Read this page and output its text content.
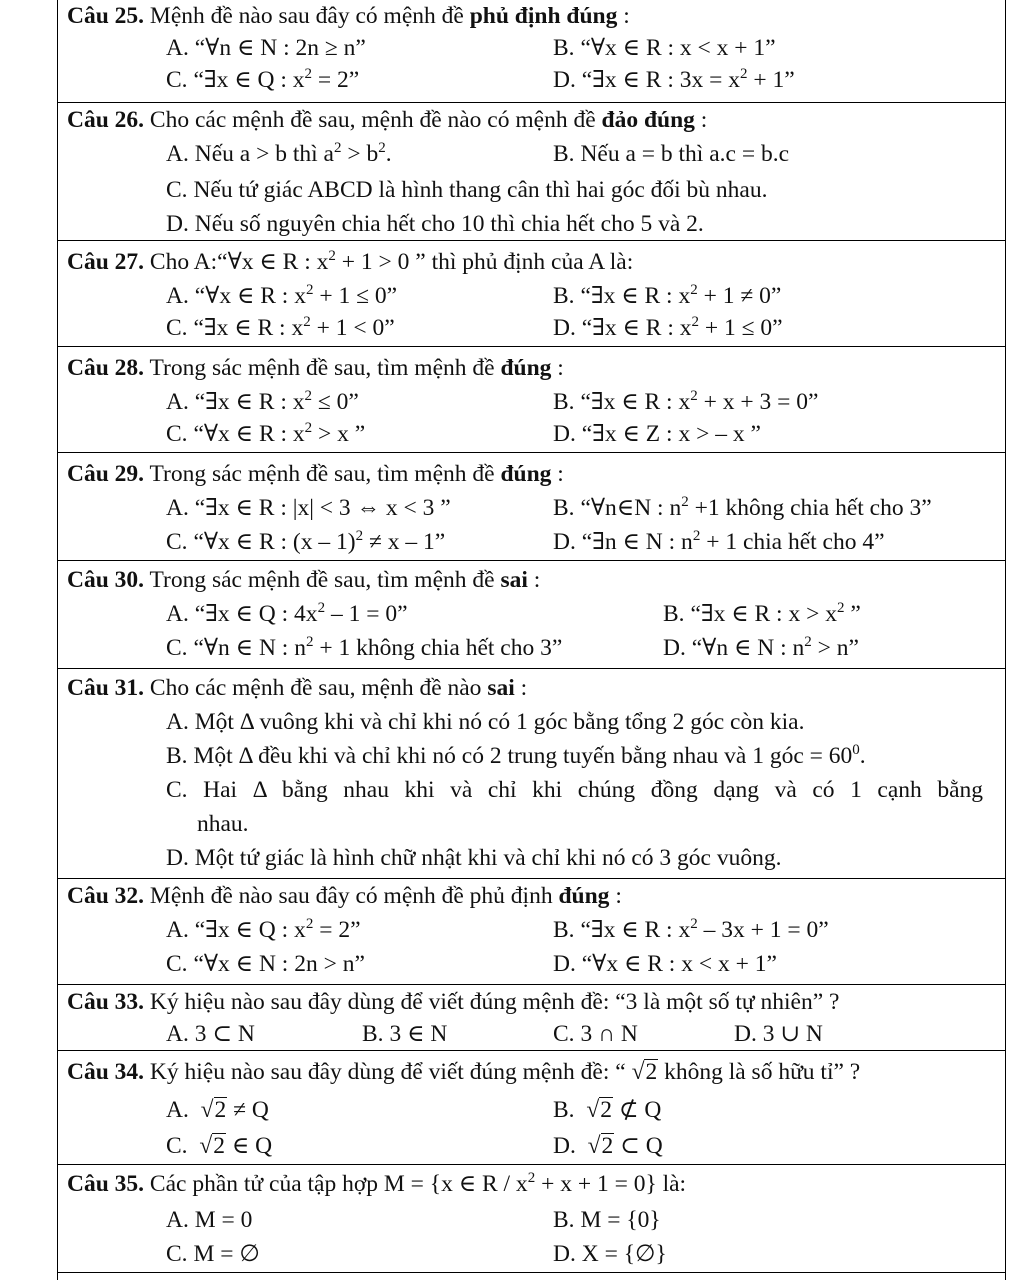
Câu 25. Mệnh đề nào sau đây có mệnh đề phủ định đúng :
A. “∀n ∈ N : 2n ≥ n”	B. “∀x ∈ R : x < x + 1”
C. “∃x ∈ Q : $x^2 = 2$”	D. “∃x ∈ R : $3x = x^2 + 1$”
Câu 26. Cho các mệnh đề sau, mệnh đề nào có mệnh đề đảo đúng :
A. Nếu a > b thì $a^2 > b^2$.	B. Nếu a = b thì a.c = b.c
C. Nếu tứ giác ABCD là hình thang cân thì hai góc đối bù nhau.
D. Nếu số nguyên chia hết cho 10 thì chia hết cho 5 và 2.
Câu 27. Cho A:“∀x ∈ R : $x^2 + 1 > 0$ ” thì phủ định của A là:
A. “∀x ∈ R : $x^2 + 1 \le 0$”	B. “∃x ∈ R : $x^2 + 1 \ne 0$”
C. “∃x ∈ R : $x^2 + 1 < 0$”	D. “∃x ∈ R : $x^2 + 1 \le 0$”
Câu 28. Trong sác mệnh đề sau, tìm mệnh đề đúng :
A. “∃x ∈ R : $x^2 \le 0$”	B. “∃x ∈ R : $x^2 + x + 3 = 0$”
C. “∀x ∈ R : $x^2 > x$ ”	D. “∃x ∈ Z : x > – x ”
Câu 29. Trong sác mệnh đề sau, tìm mệnh đề đúng :
A. “∃x ∈ R : |x| < 3 ⇔ x < 3 ”	B. “∀n∈N : $n^2 +1$ không chia hết cho 3”
C. “∀x ∈ R : (x – 1)$^2$ ≠ x – 1”	D. “∃n ∈ N : $n^2 + 1$ chia hết cho 4”
Câu 30. Trong sác mệnh đề sau, tìm mệnh đề sai :
A. “∃x ∈ Q : $4x^2 - 1 = 0$”	B. “∃x ∈ R : $x > x^2$ ”
C. “∀n ∈ N : $n^2 + 1$ không chia hết cho 3”	D. “∀n ∈ N : $n^2 > n$”
Câu 31. Cho các mệnh đề sau, mệnh đề nào sai :
A. Một Δ vuông khi và chỉ khi nó có 1 góc bằng tổng 2 góc còn kia.
B. Một Δ đều khi và chỉ khi nó có 2 trung tuyến bằng nhau và 1 góc = $60^0$.
C. Hai Δ bằng nhau khi và chỉ khi chúng đồng dạng và có 1 cạnh bằng
nhau.
D. Một tứ giác là hình chữ nhật khi và chỉ khi nó có 3 góc vuông.
Câu 32. Mệnh đề nào sau đây có mệnh đề phủ định đúng :
A. “∃x ∈ Q : $x^2 = 2$”	B. “∃x ∈ R : $x^2 - 3x + 1 = 0$”
C. “∀x ∈ N : 2n > n”	D. “∀x ∈ R : x < x + 1”
Câu 33. Ký hiệu nào sau đây dùng để viết đúng mệnh đề: “3 là một số tự nhiên” ?
A. 3 ⊂ N	B. 3 ∈ N	C. 3 ∩ N	D. 3 ∪ N
Câu 34. Ký hiệu nào sau đây dùng để viết đúng mệnh đề: “ √2 không là số hữu tỉ” ?
A. √2 ≠ Q	B. √2 ⊄ Q
C. √2 ∈ Q	D. √2 ⊂ Q
Câu 35. Các phần tử của tập hợp M = {x ∈ $R / x^2 + x + 1 = 0$} là:
A. M = 0	B. M = {0}
C. M = ∅	D. X = {∅}
